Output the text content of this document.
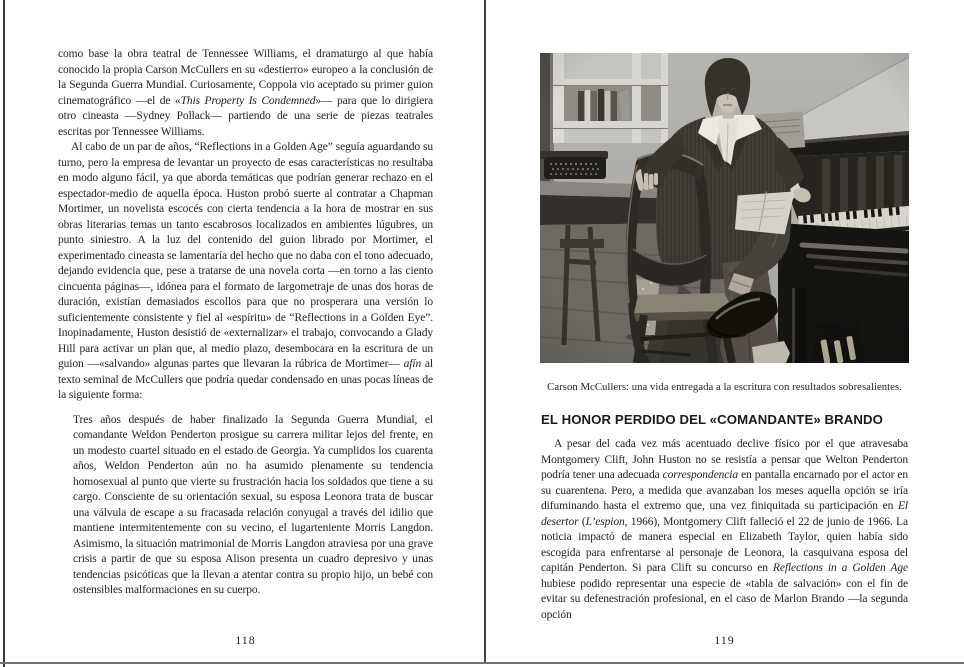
como base la obra teatral de Tennessee Williams, el dramaturgo al que había conocido la propia Carson McCullers en su «destierro» europeo a la conclusión de la Segunda Guerra Mundial. Curiosamente, Coppola vio aceptado su primer guion cinematográfico —el de «This Property Is Condemned»— para que lo dirigiera otro cineasta —Sydney Pollack— partiendo de una serie de piezas teatrales escritas por Tennessee Williams.

Al cabo de un par de años, “Reflections in a Golden Age” seguía aguardando su turno, pero la empresa de levantar un proyecto de esas características no resultaba en modo alguno fácil, ya que aborda temáticas que podrían generar rechazo en el espectador-medio de aquella época. Huston probó suerte al contratar a Chapman Mortimer, un novelista escocés con cierta tendencia a la hora de mostrar en sus obras literarias temas un tanto escabrosos localizados en ambientes lúgubres, un punto siniestro. A la luz del contenido del guion librado por Mortimer, el experimentado cineasta se lamentaría del hecho que no daba con el tono adecuado, dejando evidencia que, pese a tratarse de una novela corta —en torno a las ciento cincuenta páginas—, idónea para el formato de largometraje de unas dos horas de duración, existían demasiados escollos para que no prosperara una versión lo suficientemente consistente y fiel al «espíritu» de “Reflections in a Golden Eye”. Inopinadamente, Huston desistió de «externalizar» el trabajo, convocando a Glady Hill para activar un plan que, al medio plazo, desembocara en la escritura de un guion —«salvando» algunas partes que llevaran la rúbrica de Mortimer— afín al texto seminal de McCullers que podría quedar condensado en unas pocas líneas de la siguiente forma:

Tres años después de haber finalizado la Segunda Guerra Mundial, el comandante Weldon Penderton prosigue su carrera militar lejos del frente, en un modesto cuartel situado en el estado de Georgia. Ya cumplidos los cuarenta años, Weldon Penderton aún no ha asumido plenamente su tendencia homosexual al punto que vierte su frustración hacia los soldados que tiene a su cargo. Consciente de su orientación sexual, su esposa Leonora trata de buscar una válvula de escape a su fracasada relación conyugal a través del idilio que mantiene intermitentemente con su vecino, el lugarteniente Morris Langdon. Asimismo, la situación matrimonial de Morris Langdon atraviesa por una grave crisis a partir de que su esposa Alison presenta un cuadro depresivo y unas tendencias psicóticas que la llevan a atentar contra su propio hijo, un bebé con ostensibles malformaciones en su cuerpo.
118
Carson McCullers: una vida entregada a la escritura con resultados sobresalientes.
EL HONOR PERDIDO DEL «COMANDANTE» BRANDO

A pesar del cada vez más acentuado declive físico por el que atravesaba Montgomery Clift, John Huston no se resistía a pensar que Welton Penderton podría tener una adecuada correspondencia en pantalla encarnado por el actor en su cuarentena. Pero, a medida que avanzaban los meses aquella opción se iría difuminando hasta el extremo que, una vez finiquitada su participación en El desertor (L’espion, 1966), Montgomery Clift falleció el 22 de junio de 1966. La noticia impactó de manera especial en Elizabeth Taylor, quien había sido escogida para enfrentarse al personaje de Leonora, la casquivana esposa del capitán Penderton. Si para Clift su concurso en Reflections in a Golden Age hubiese podido representar una especie de «tabla de salvación» con el fin de evitar su defenestración profesional, en el caso de Marlon Brando —la segunda opción

119
